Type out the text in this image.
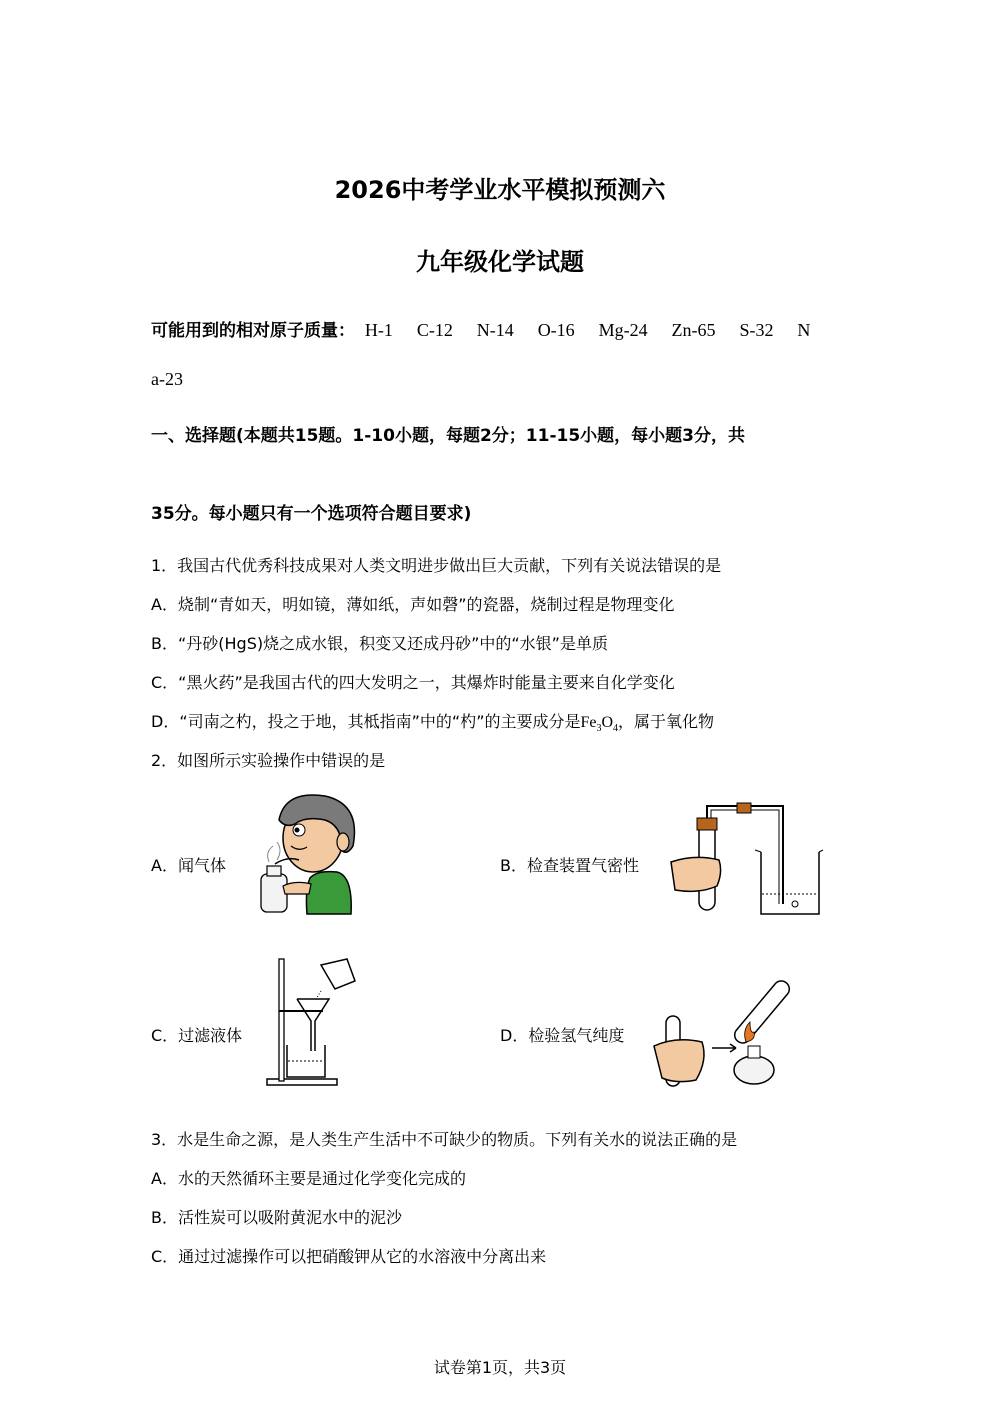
2026中考学业水平模拟预测六
九年级化学试题
可能用到的相对原子质量： H-1 C-12 N-14 O-16 Mg-24 Zn-65 S-32 N
a-23
一、选择题(本题共15题。1-10小题，每题2分；11-15小题，每小题3分，共
35分。每小题只有一个选项符合题目要求)
1．我国古代优秀科技成果对人类文明进步做出巨大贡献，下列有关说法错误的是
A．烧制“青如天，明如镜，薄如纸，声如磬”的瓷器，烧制过程是物理变化
B．“丹砂(HgS)烧之成水银，积变又还成丹砂”中的“水银”是单质
C．“黑火药”是我国古代的四大发明之一，其爆炸时能量主要来自化学变化
D．“司南之杓，投之于地，其柢指南”中的“杓”的主要成分是$Fe_3O_4$，属于氧化物
2．如图所示实验操作中错误的是
A．闻气体	B．检查装置气密性
C．过滤液体	D．检验氢气纯度
3．水是生命之源，是人类生产生活中不可缺少的物质。下列有关水的说法正确的是
A．水的天然循环主要是通过化学变化完成的
B．活性炭可以吸附黄泥水中的泥沙
C．通过过滤操作可以把硝酸钾从它的水溶液中分离出来
试卷第1页，共3页
